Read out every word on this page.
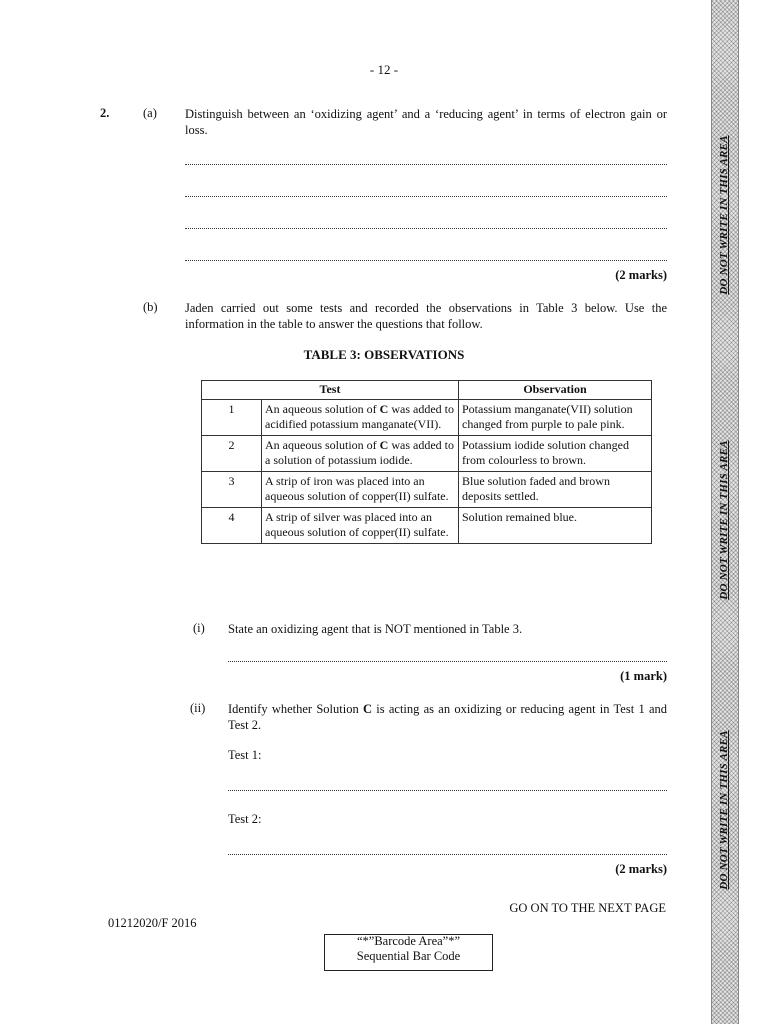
- 12 -
2.	(a) Distinguish between an ‘oxidizing agent’ and a ‘reducing agent’ in terms of electron gain or loss.
(2 marks)
(b) Jaden carried out some tests and recorded the observations in Table 3 below. Use the information in the table to answer the questions that follow.
TABLE 3: OBSERVATIONS
Test		Observation
1	An aqueous solution of C was added to acidified potassium manganate(VII).	Potassium manganate(VII) solution changed from purple to pale pink.
2	An aqueous solution of C was added to a solution of potassium iodide.	Potassium iodide solution changed from colourless to brown.
3	A strip of iron was placed into an aqueous solution of copper(II) sulfate.	Blue solution faded and brown deposits settled.
4	A strip of silver was placed into an aqueous solution of copper(II) sulfate.	Solution remained blue.
(i) State an oxidizing agent that is NOT mentioned in Table 3.
(1 mark)
(ii) Identify whether Solution C is acting as an oxidizing or reducing agent in Test 1 and Test 2.
Test 1:
Test 2:
(2 marks)
GO ON TO THE NEXT PAGE
01212020/F 2016
“*”Barcode Area”*”
Sequential Bar Code
DO NOT WRITE IN THIS AREA
DO NOT WRITE IN THIS AREA
DO NOT WRITE IN THIS AREA
